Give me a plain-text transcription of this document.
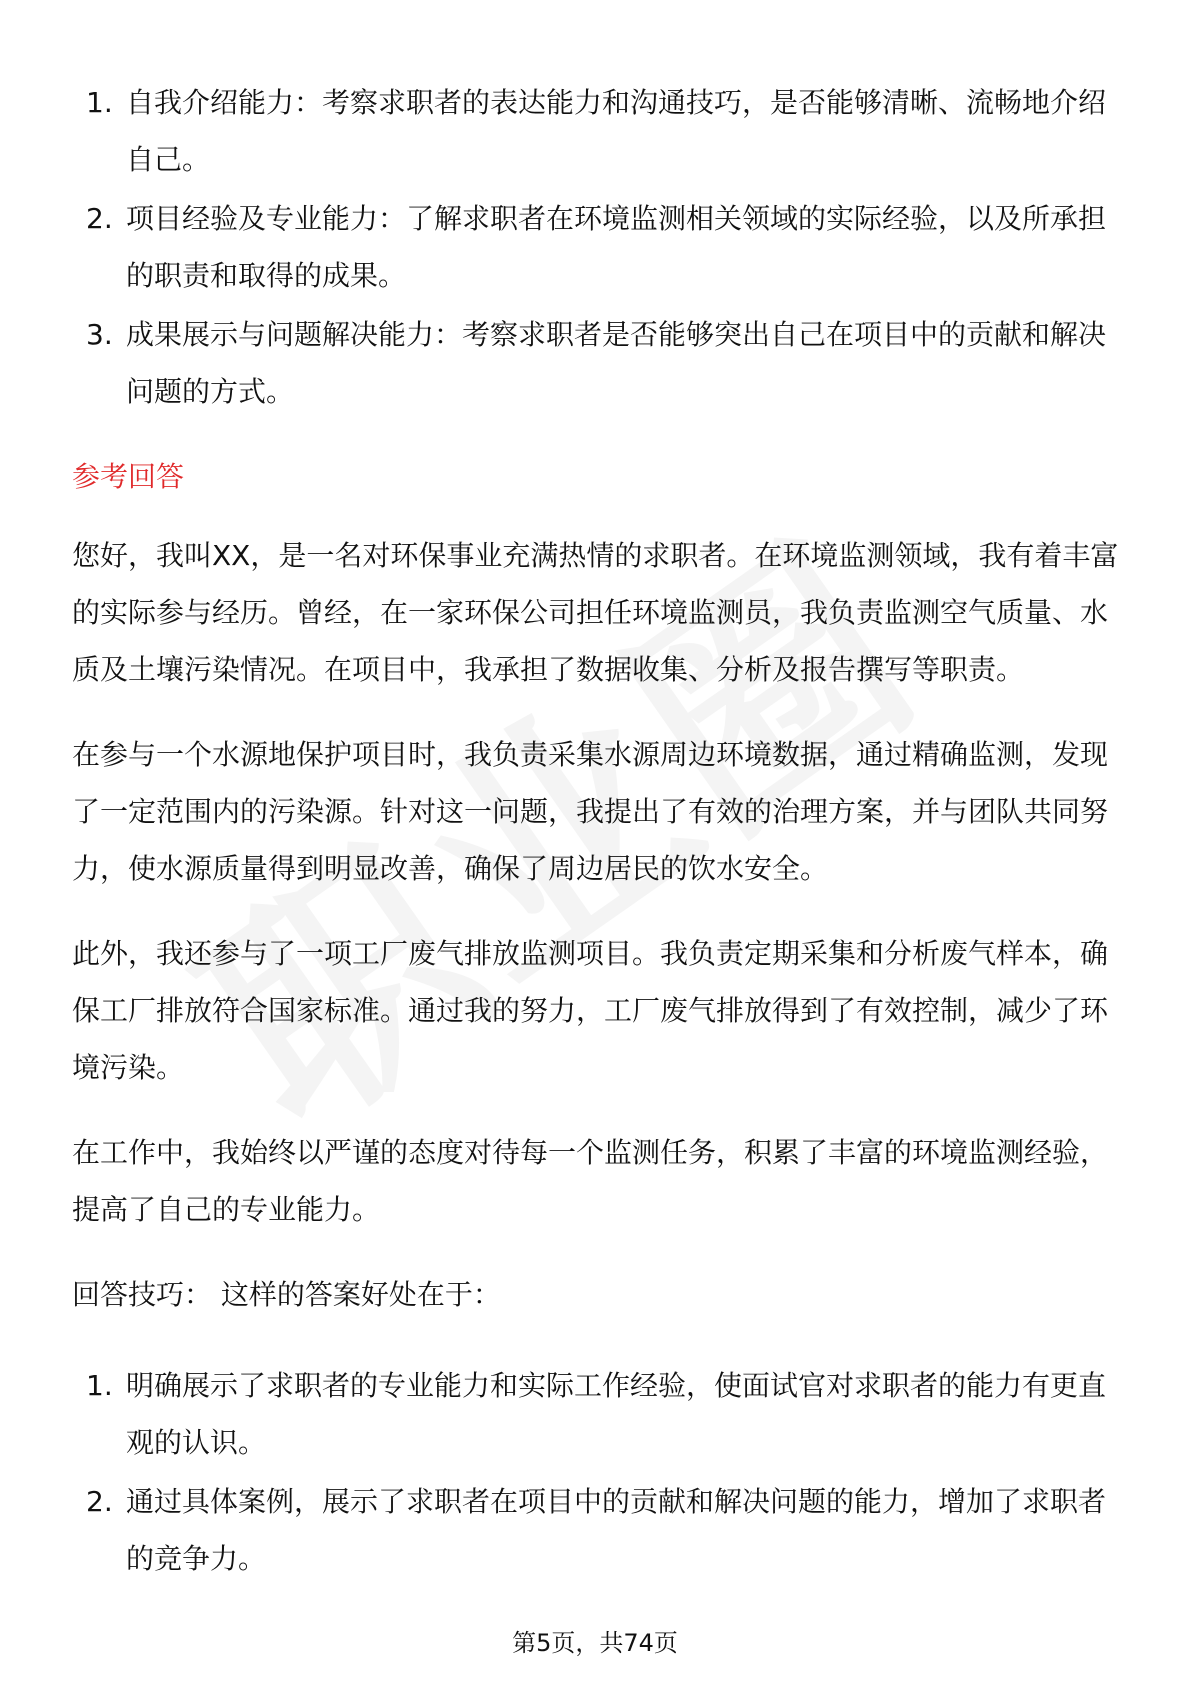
1. 自我介绍能力：考察求职者的表达能力和沟通技巧，是否能够清晰、流畅地介绍自己。
2. 项目经验及专业能力：了解求职者在环境监测相关领域的实际经验，以及所承担的职责和取得的成果。
3. 成果展示与问题解决能力：考察求职者是否能够突出自己在项目中的贡献和解决问题的方式。
参考回答

您好，我叫XX，是一名对环保事业充满热情的求职者。在环境监测领域，我有着丰富的实际参与经历。曾经，在一家环保公司担任环境监测员，我负责监测空气质量、水质及土壤污染情况。在项目中，我承担了数据收集、分析及报告撰写等职责。

在参与一个水源地保护项目时，我负责采集水源周边环境数据，通过精确监测，发现了一定范围内的污染源。针对这一问题，我提出了有效的治理方案，并与团队共同努力，使水源质量得到明显改善，确保了周边居民的饮水安全。

此外，我还参与了一项工厂废气排放监测项目。我负责定期采集和分析废气样本，确保工厂排放符合国家标准。通过我的努力，工厂废气排放得到了有效控制，减少了环境污染。

在工作中，我始终以严谨的态度对待每一个监测任务，积累了丰富的环境监测经验，提高了自己的专业能力。

回答技巧： 这样的答案好处在于：

1. 明确展示了求职者的专业能力和实际工作经验，使面试官对求职者的能力有更直观的认识。
2. 通过具体案例，展示了求职者在项目中的贡献和解决问题的能力，增加了求职者的竞争力。
第5页，共74页
